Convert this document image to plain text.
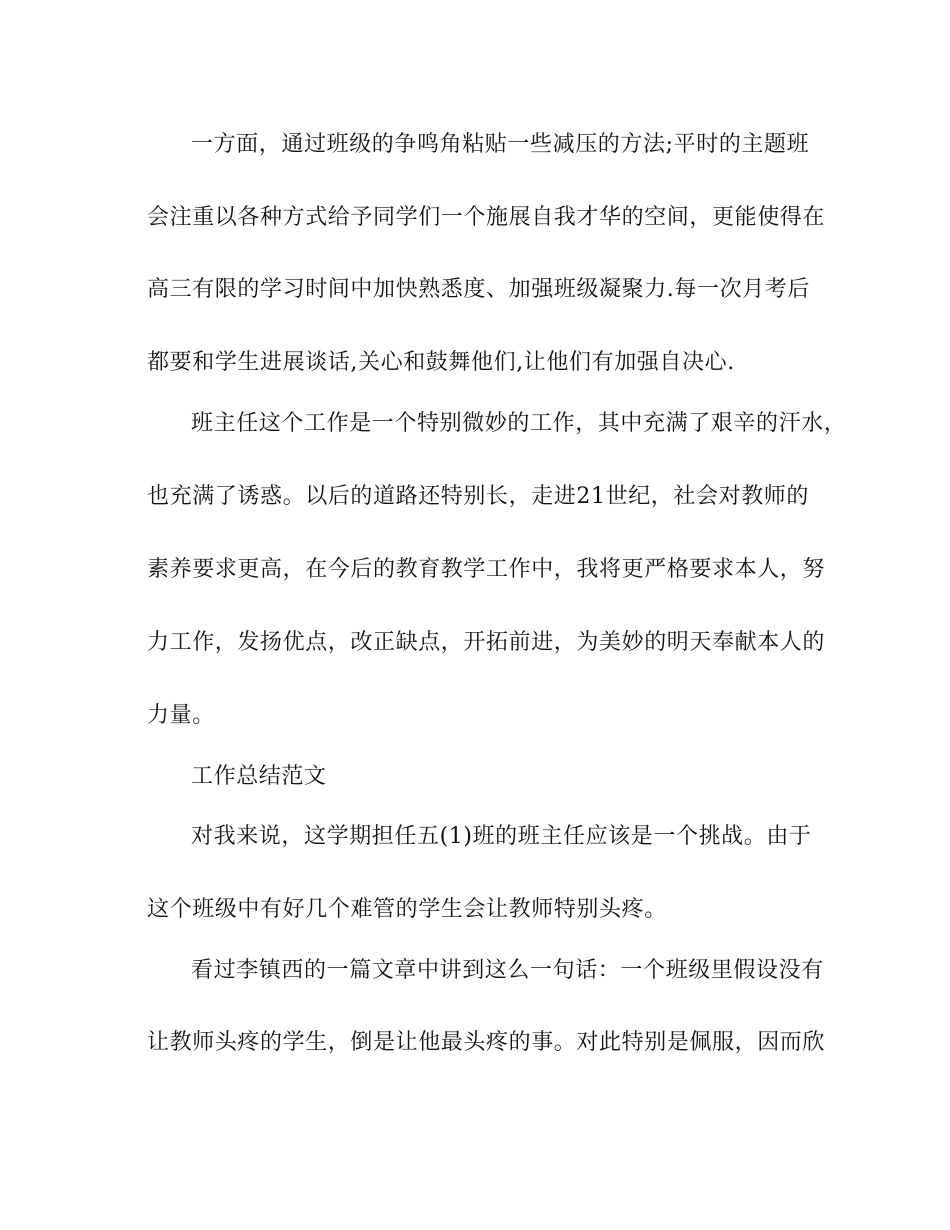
一方面，通过班级的争鸣角粘贴一些减压的方法;平时的主题班

会注重以各种方式给予同学们一个施展自我才华的空间，更能使得在

高三有限的学习时间中加快熟悉度、加强班级凝聚力.每一次月考后

都要和学生进展谈话,关心和鼓舞他们,让他们有加强自决心.

班主任这个工作是一个特别微妙的工作，其中充满了艰辛的汗水，

也充满了诱惑。以后的道路还特别长，走进21世纪，社会对教师的

素养要求更高，在今后的教育教学工作中，我将更严格要求本人，努

力工作，发扬优点，改正缺点，开拓前进，为美妙的明天奉献本人的

力量。

工作总结范文

对我来说，这学期担任五(1)班的班主任应该是一个挑战。由于

这个班级中有好几个难管的学生会让教师特别头疼。

看过李镇西的一篇文章中讲到这么一句话：一个班级里假设没有

让教师头疼的学生，倒是让他最头疼的事。对此特别是佩服，因而欣
